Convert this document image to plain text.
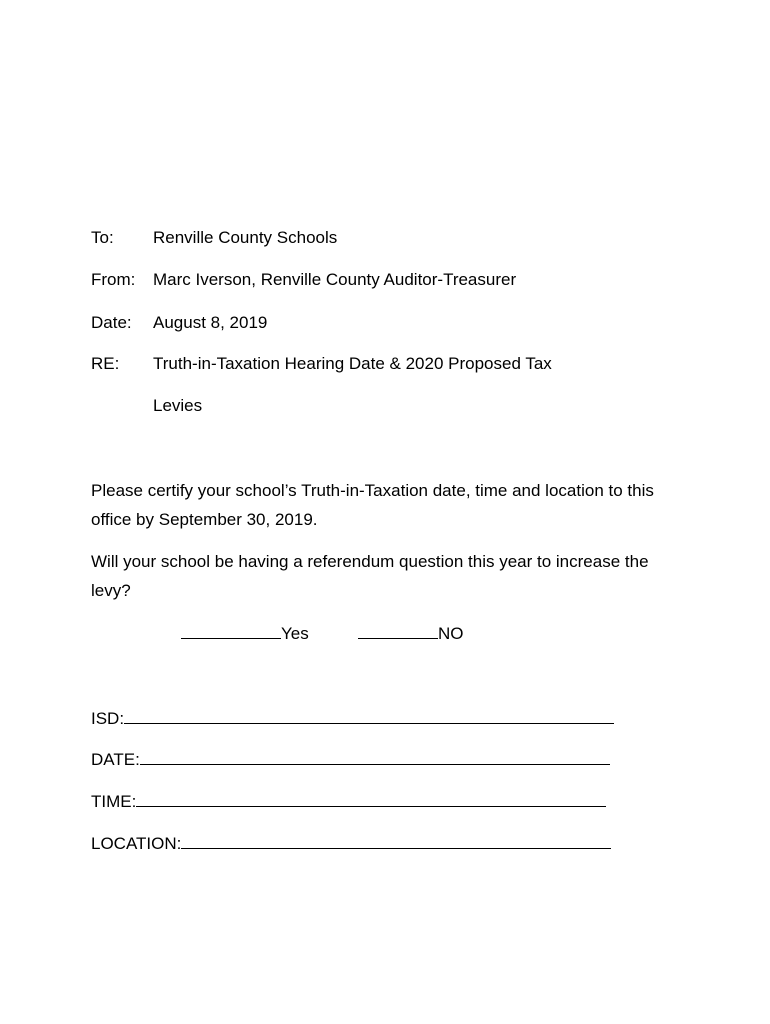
To: Renville County Schools
From: Marc Iverson, Renville County Auditor-Treasurer
Date: August 8, 2019
RE: Truth-in-Taxation Hearing Date & 2020 Proposed Tax
Levies
Please certify your school’s Truth-in-Taxation date, time and location to this office by September 30, 2019.
Will your school be having a referendum question this year to increase the levy?
Yes	NO
ISD:
DATE:
TIME:
LOCATION:
